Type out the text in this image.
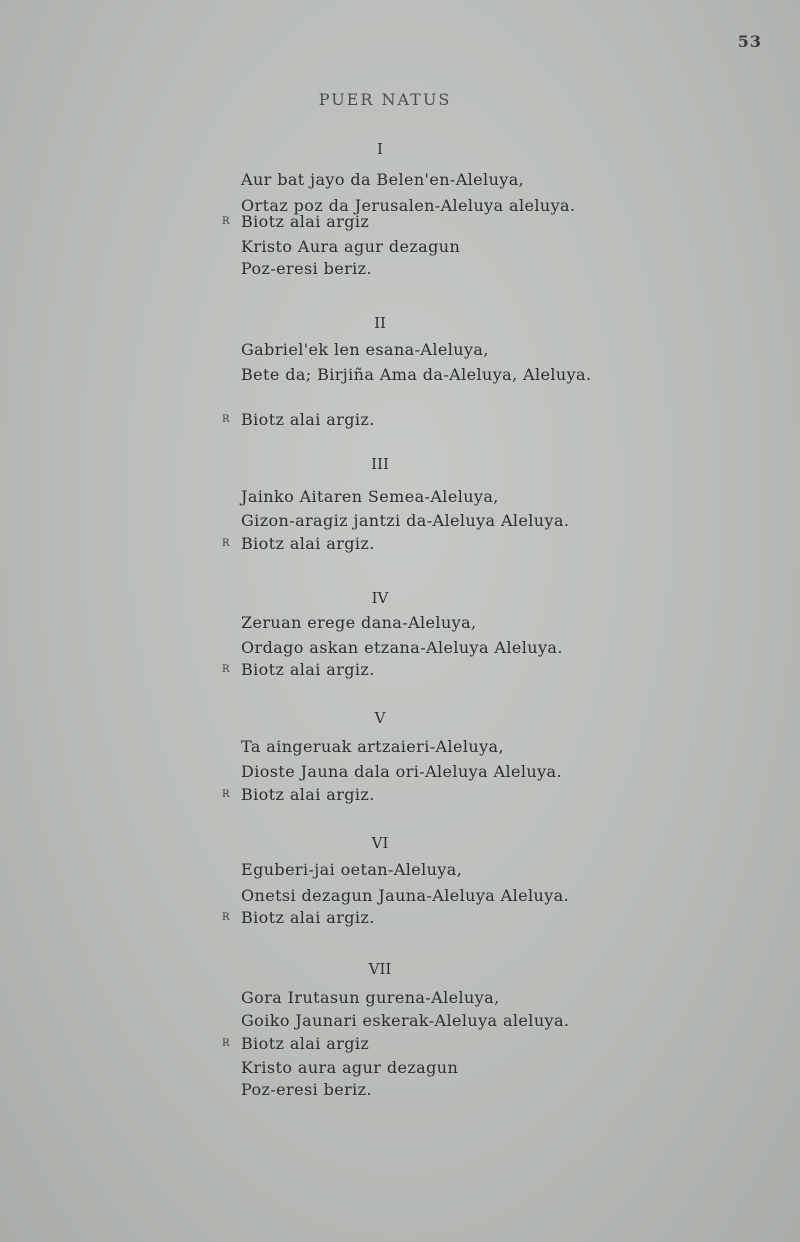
53
PUER NATUS
I
Aur bat jayo da Belen'en-Aleluya,
Ortaz poz da Jerusalen-Aleluya aleluya.
R Biotz alai argiz
Kristo Aura agur dezagun
Poz-eresi beriz.
II
Gabriel'ek len esana-Aleluya,
Bete da; Birjiña Ama da-Aleluya, Aleluya.
R Biotz alai argiz.
III
Jainko Aitaren Semea-Aleluya,
Gizon-aragiz jantzi da-Aleluya Aleluya.
R Biotz alai argiz.
IV
Zeruan erege dana-Aleluya,
Ordago askan etzana-Aleluya Aleluya.
R Biotz alai argiz.
V
Ta aingeruak artzaieri-Aleluya,
Dioste Jauna dala ori-Aleluya Aleluya.
R Biotz alai argiz.
VI
Eguberi-jai oetan-Aleluya,
Onetsi dezagun Jauna-Aleluya Aleluya.
R Biotz alai argiz.
VII
Gora Irutasun gurena-Aleluya,
Goiko Jaunari eskerak-Aleluya aleluya.
R Biotz alai argiz
Kristo aura agur dezagun
Poz-eresi beriz.
